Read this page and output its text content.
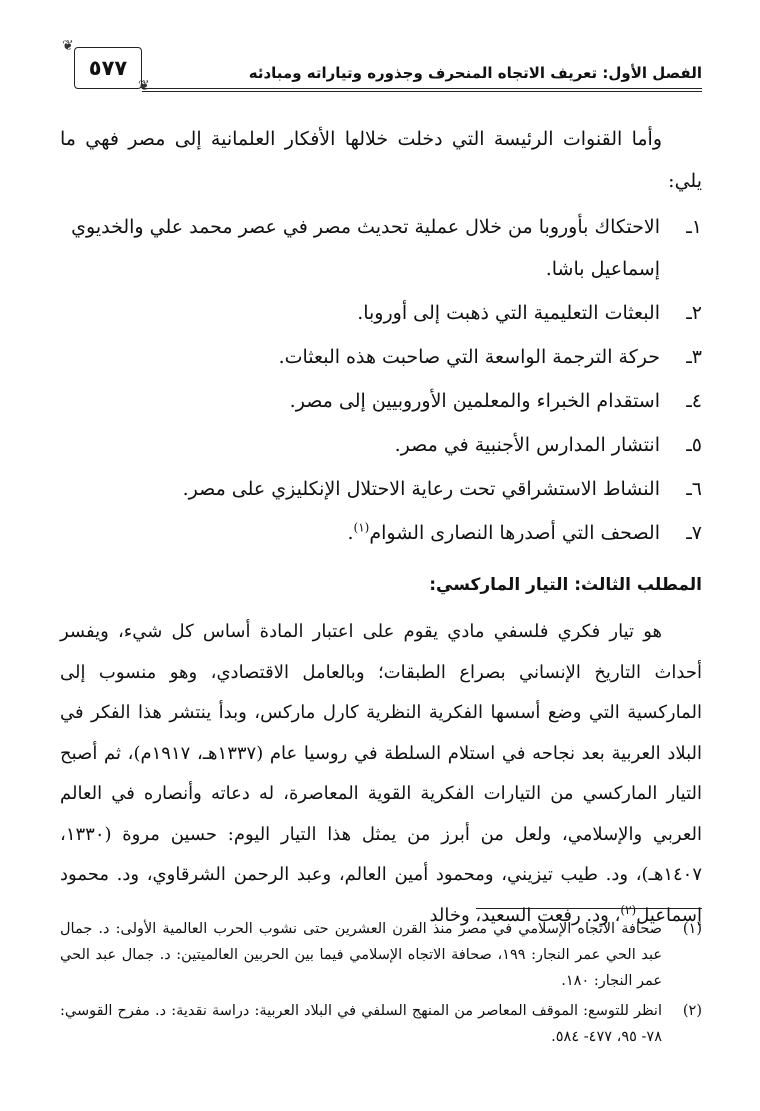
الفصل الأول: تعريف الاتجاه المنحرف وجذوره وتياراته ومبادئه
٥٧٧
❦
❦

وأما القنوات الرئيسة التي دخلت خلالها الأفكار العلمانية إلى مصر فهي ما يلي:

١ـ
الاحتكاك بأوروبا من خلال عملية تحديث مصر في عصر محمد علي والخديوي إسماعيل باشا.
٢ـ
البعثات التعليمية التي ذهبت إلى أوروبا.
٣ـ
حركة الترجمة الواسعة التي صاحبت هذه البعثات.
٤ـ
استقدام الخبراء والمعلمين الأوروبيين إلى مصر.
٥ـ
انتشار المدارس الأجنبية في مصر.
٦ـ
النشاط الاستشراقي تحت رعاية الاحتلال الإنكليزي على مصر.
٧ـ
الصحف التي أصدرها النصارى الشوام$^{(١)}$.
المطلب الثالث: التيار الماركسي:

هو تيار فكري فلسفي مادي يقوم على اعتبار المادة أساس كل شيء، ويفسر أحداث التاريخ الإنساني بصراع الطبقات؛ وبالعامل الاقتصادي، وهو منسوب إلى الماركسية التي وضع أسسها الفكرية النظرية كارل ماركس، وبدأ ينتشر هذا الفكر في البلاد العربية بعد نجاحه في استلام السلطة في روسيا عام (١٣٣٧هـ، ١٩١٧م)، ثم أصبح التيار الماركسي من التيارات الفكرية القوية المعاصرة، له دعاته وأنصاره في العالم العربي والإسلامي، ولعل من أبرز من يمثل هذا التيار اليوم: حسين مروة (١٣٣٠، ١٤٠٧هـ)، ود. طيب تيزيني، ومحمود أمين العالم، وعبد الرحمن الشرقاوي، ود. محمود إسماعيل$^{(٢)}$، ود. رفعت السعيد، وخالد

(١)
صحافة الاتجاه الإسلامي في مصر منذ القرن العشرين حتى نشوب الحرب العالمية الأولى: د. جمال عبد الحي عمر النجار: ١٩٩، صحافة الاتجاه الإسلامي فيما بين الحربين العالميتين: د. جمال عبد الحي عمر النجار: ١٨٠.
(٢)
انظر للتوسع: الموقف المعاصر من المنهج السلفي في البلاد العربية: دراسة نقدية: د. مفرح القوسي: ٧٨- ٩٥، ٤٧٧- ٥٨٤.
